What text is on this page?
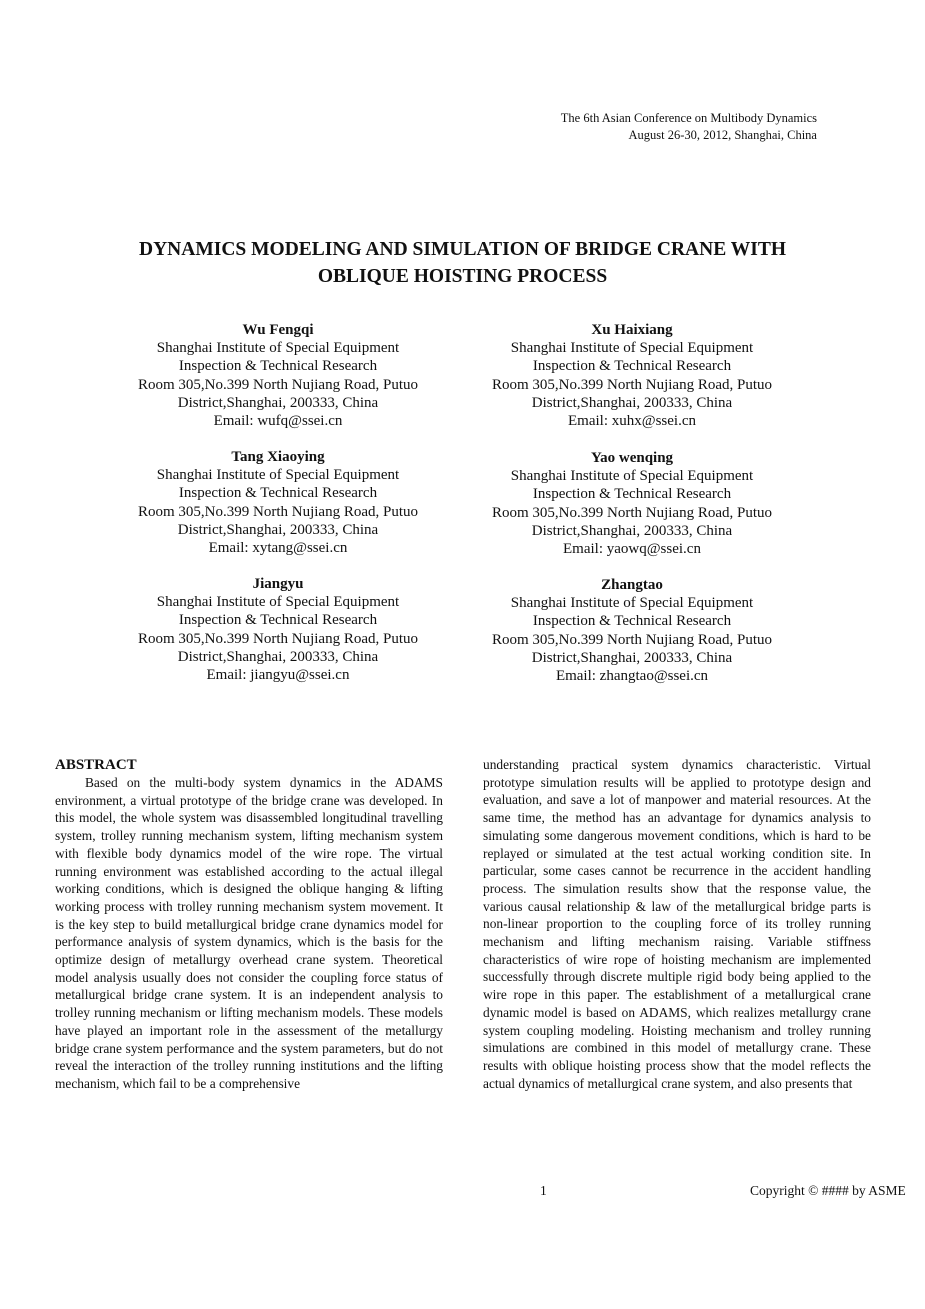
The 6th Asian Conference on Multibody Dynamics
August 26-30, 2012, Shanghai, China
DYNAMICS MODELING AND SIMULATION OF BRIDGE CRANE WITH
OBLIQUE HOISTING PROCESS
Wu Fengqi
Shanghai Institute of Special Equipment
Inspection & Technical Research
Room 305,No.399 North Nujiang Road, Putuo
District,Shanghai, 200333, China
Email: wufq@ssei.cn
Xu Haixiang
Shanghai Institute of Special Equipment
Inspection & Technical Research
Room 305,No.399 North Nujiang Road, Putuo
District,Shanghai, 200333, China
Email: xuhx@ssei.cn
Tang Xiaoying
Shanghai Institute of Special Equipment
Inspection & Technical Research
Room 305,No.399 North Nujiang Road, Putuo
District,Shanghai, 200333, China
Email: xytang@ssei.cn
Yao wenqing
Shanghai Institute of Special Equipment
Inspection & Technical Research
Room 305,No.399 North Nujiang Road, Putuo
District,Shanghai, 200333, China
Email: yaowq@ssei.cn
Jiangyu
Shanghai Institute of Special Equipment
Inspection & Technical Research
Room 305,No.399 North Nujiang Road, Putuo
District,Shanghai, 200333, China
Email: jiangyu@ssei.cn
Zhangtao
Shanghai Institute of Special Equipment
Inspection & Technical Research
Room 305,No.399 North Nujiang Road, Putuo
District,Shanghai, 200333, China
Email: zhangtao@ssei.cn
ABSTRACT

Based on the multi-body system dynamics in the ADAMS environment, a virtual prototype of the bridge crane was developed. In this model, the whole system was disassembled longitudinal travelling system, trolley running mechanism system, lifting mechanism system with flexible body dynamics model of the wire rope. The virtual running environment was established according to the actual illegal working conditions, which is designed the oblique hanging & lifting working process with trolley running mechanism system movement. It is the key step to build metallurgical bridge crane dynamics model for performance analysis of system dynamics, which is the basis for the optimize design of metallurgy overhead crane system. Theoretical model analysis usually does not consider the coupling force status of metallurgical bridge crane system. It is an independent analysis to trolley running mechanism or lifting mechanism models. These models have played an important role in the assessment of the metallurgy bridge crane system performance and the system parameters, but do not reveal the interaction of the trolley running institutions and the lifting mechanism, which fail to be a comprehensive

understanding practical system dynamics characteristic. Virtual prototype simulation results will be applied to prototype design and evaluation, and save a lot of manpower and material resources. At the same time, the method has an advantage for dynamics analysis to simulating some dangerous movement conditions, which is hard to be replayed or simulated at the test actual working condition site. In particular, some cases cannot be recurrence in the accident handling process. The simulation results show that the response value, the various causal relationship & law of the metallurgical bridge parts is non-linear proportion to the coupling force of its trolley running mechanism and lifting mechanism raising. Variable stiffness characteristics of wire rope of hoisting mechanism are implemented successfully through discrete multiple rigid body being applied to the wire rope in this paper. The establishment of a metallurgical crane dynamic model is based on ADAMS, which realizes metallurgy crane system coupling modeling. Hoisting mechanism and trolley running simulations are combined in this model of metallurgy crane. These results with oblique hoisting process show that the model reflects the actual dynamics of metallurgical crane system, and also presents that

1	Copyright © #### by ASME
